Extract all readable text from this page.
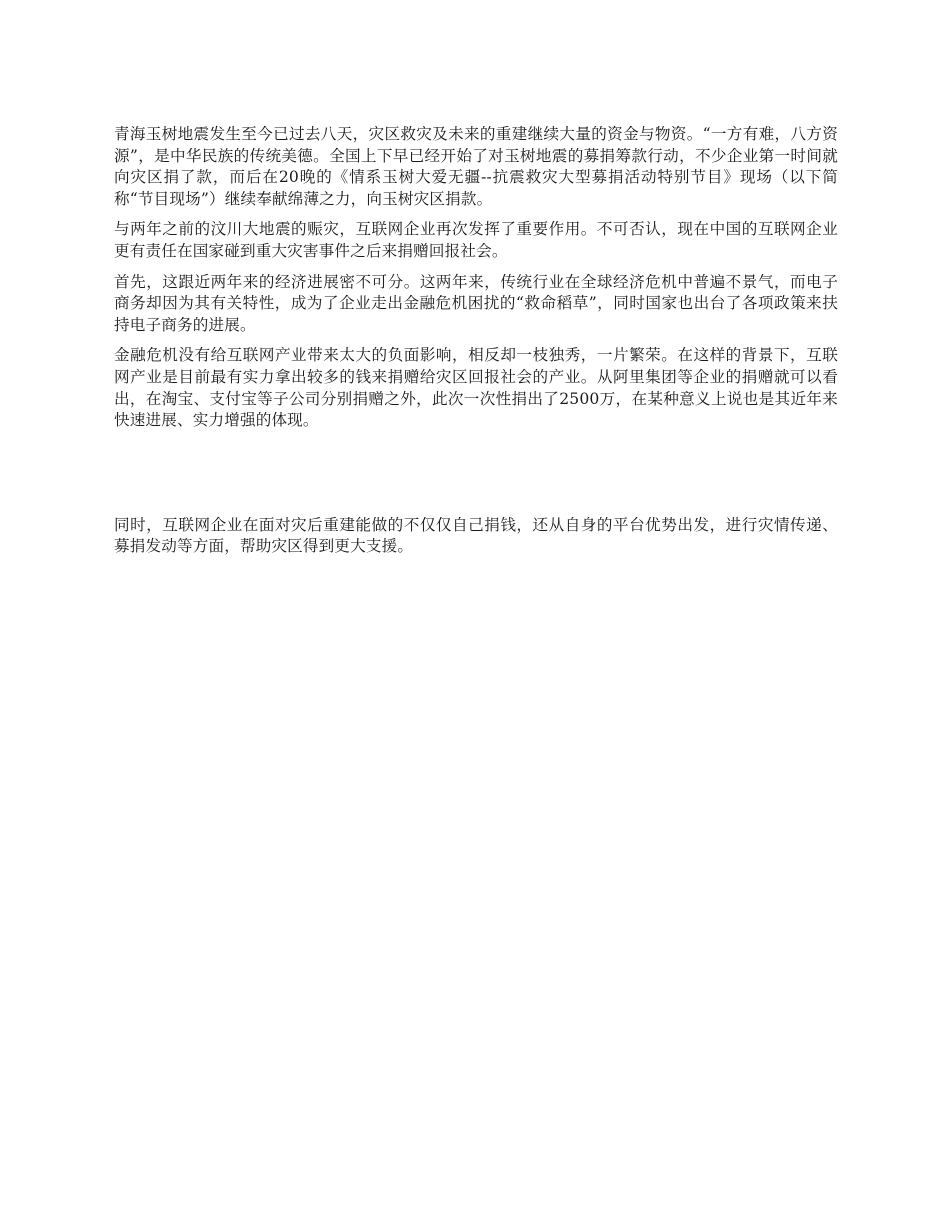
青海玉树地震发生至今已过去八天，灾区救灾及未来的重建继续大量的资金与物资。“一方有难，八方资源”，是中华民族的传统美德。全国上下早已经开始了对玉树地震的募捐筹款行动，不少企业第一时间就向灾区捐了款，而后在20晚的《情系玉树大爱无疆--抗震救灾大型募捐活动特别节目》现场（以下简称“节目现场”）继续奉献绵薄之力，向玉树灾区捐款。

与两年之前的汶川大地震的赈灾，互联网企业再次发挥了重要作用。不可否认，现在中国的互联网企业更有责任在国家碰到重大灾害事件之后来捐赠回报社会。

首先，这跟近两年来的经济进展密不可分。这两年来，传统行业在全球经济危机中普遍不景气，而电子商务却因为其有关特性，成为了企业走出金融危机困扰的“救命稻草”，同时国家也出台了各项政策来扶持电子商务的进展。

金融危机没有给互联网产业带来太大的负面影响，相反却一枝独秀，一片繁荣。在这样的背景下，互联网产业是目前最有实力拿出较多的钱来捐赠给灾区回报社会的产业。从阿里集团等企业的捐赠就可以看出，在淘宝、支付宝等子公司分别捐赠之外，此次一次性捐出了2500万，在某种意义上说也是其近年来快速进展、实力增强的体现。

同时，互联网企业在面对灾后重建能做的不仅仅自己捐钱，还从自身的平台优势出发，进行灾情传递、募捐发动等方面，帮助灾区得到更大支援。
